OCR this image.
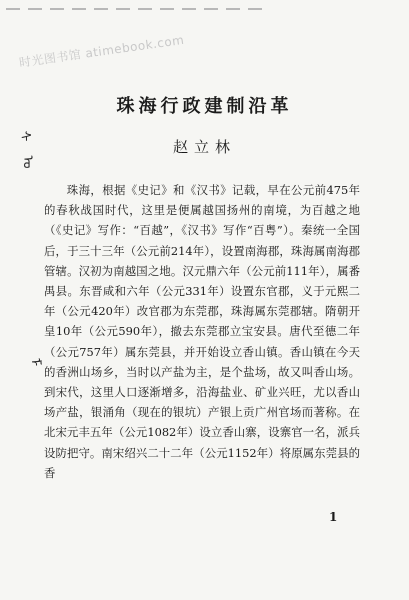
时光图书馆 atimebook.com
ᠰ
ᠤ
ᠮ
珠海行政建制沿革
赵立林

珠海，根据《史记》和《汉书》记载，早在公元前475年的春秋战国时代，这里是便属越国扬州的南境，为百越之地（《史记》写作：“百越”，《汉书》写作“百粤”）。秦统一全国后，于三十三年（公元前214年），设置南海郡，珠海属南海郡管辖。汉初为南越国之地。汉元鼎六年（公元前111年），属番禺县。东晋咸和六年（公元331年）设置东官郡，义于元熙二年（公元420年）改官郡为东莞郡，珠海属东莞郡辖。隋朝开皇10年（公元590年），撤去东莞郡立宝安县。唐代至德二年（公元757年）属东莞县，并开始设立香山镇。香山镇在今天的香洲山场乡，当时以产盐为主，是个盐场，故又叫香山场。到宋代，这里人口逐渐增多，沿海盐业、矿业兴旺，尤以香山场产盐，银涌角（现在的银坑）产银上贡广州官场而著称。在北宋元丰五年（公元1082年）设立香山寨，设寨官一名，派兵设防把守。南宋绍兴二十二年（公元1152年）将原属东莞县的香

1
